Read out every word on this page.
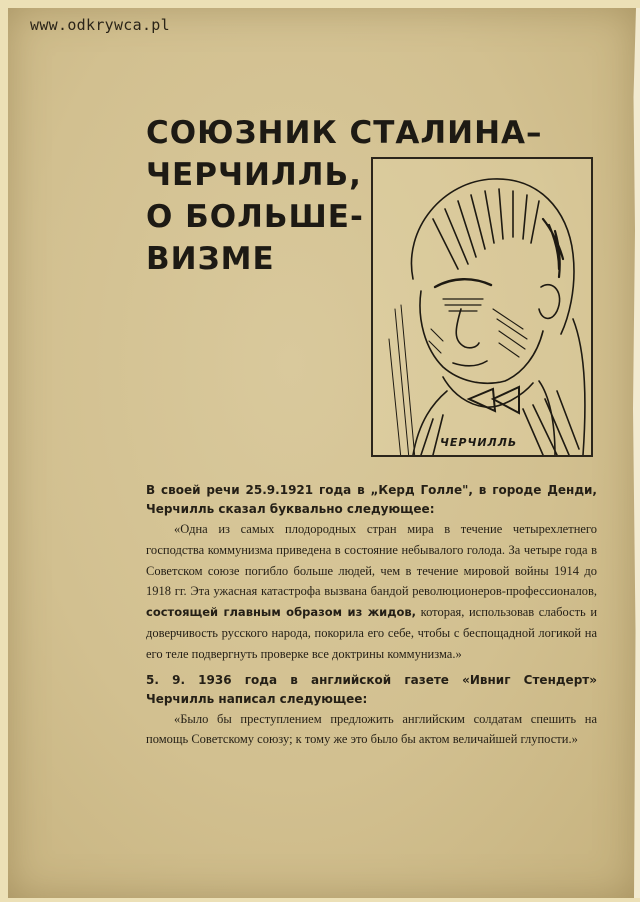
www.odkrywca.pl
СОЮЗНИК СТАЛИНА–
ЧЕРЧИЛЛЬ,
О БОЛЬШЕ-
ВИЗМЕ
ЧЕРЧИЛЛЬ

В своей речи 25.9.1921 года в „Керд Голле", в городе Денди, Черчилль сказал буквально следующее:

«Одна из самых плодородных стран мира в течение четырехлетнего господства коммунизма приведена в состояние небывалого голода. За четыре года в Советском союзе погибло больше людей, чем в течение мировой войны 1914 до 1918 гг. Эта ужасная катастрофа вызвана бандой революционеров-профессионалов, состоящей главным образом из жидов, которая, использовав слабость и доверчивость русского народа, покорила его себе, чтобы с беспощадной логикой на его теле подвергнуть проверке все доктрины коммунизма.»

5. 9. 1936 года в английской газете «Ивниг Стендерт» Черчилль написал следующее:

«Было бы преступлением предложить английским солдатам спешить на помощь Советскому союзу; к тому же это было бы актом величайшей глупости.»
